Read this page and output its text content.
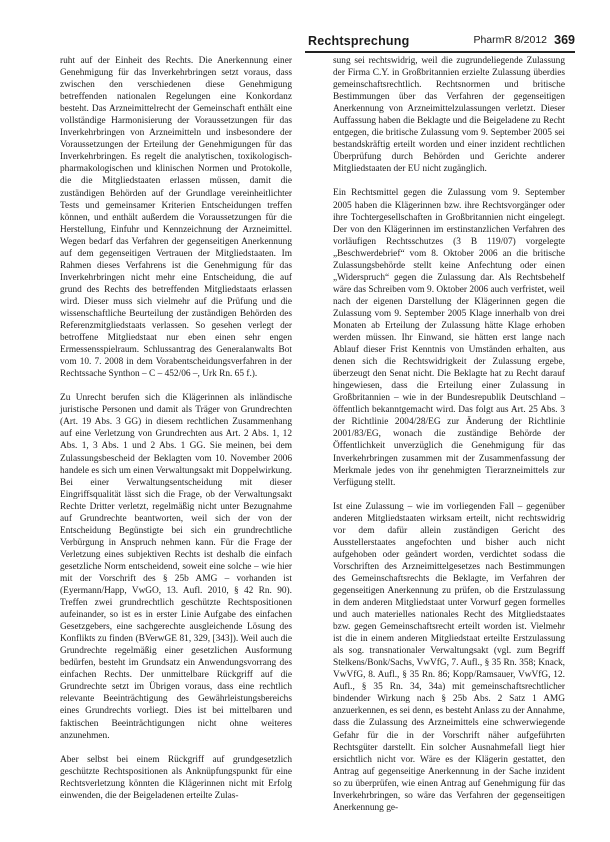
Rechtsprechung	PharmR 8/2012 369

ruht auf der Einheit des Rechts. Die Anerkennung einer Genehmigung für das Inverkehrbringen setzt voraus, dass zwischen den verschiedenen diese Genehmigung betreffenden nationalen Regelungen eine Konkordanz besteht. Das Arzneimittelrecht der Gemeinschaft enthält eine vollständige Harmonisierung der Voraussetzungen für das Inverkehrbringen von Arzneimitteln und insbesondere der Voraussetzungen der Erteilung der Genehmigungen für das Inverkehrbringen. Es regelt die analytischen, toxikologisch-pharmakologischen und klinischen Normen und Protokolle, die die Mitgliedstaaten erlassen müssen, damit die zuständigen Behörden auf der Grundlage vereinheitlichter Tests und gemeinsamer Kriterien Entscheidungen treffen können, und enthält außerdem die Voraussetzungen für die Herstellung, Einfuhr und Kennzeichnung der Arzneimittel. Wegen bedarf das Verfahren der gegenseitigen Anerkennung auf dem gegenseitigen Vertrauen der Mitgliedstaaten. Im Rahmen dieses Verfahrens ist die Genehmigung für das Inverkehrbringen nicht mehr eine Entscheidung, die auf grund des Rechts des betreffenden Mitgliedstaats erlassen wird. Dieser muss sich vielmehr auf die Prüfung und die wissenschaftliche Beurteilung der zuständigen Behörden des Referenzmitgliedstaats verlassen. So gesehen verlegt der betroffene Mitgliedstaat nur eben einen sehr engen Ermessensspielraum. Schlussantrag des Generalanwalts Bot vom 10. 7. 2008 in dem Vorabentscheidungsverfahren in der Rechtssache Synthon – C – 452/06 –, Urk Rn. 65 f.).

Zu Unrecht berufen sich die Klägerinnen als inländische juristische Personen und damit als Träger von Grundrechten (Art. 19 Abs. 3 GG) in diesem rechtlichen Zusammenhang auf eine Verletzung von Grundrechten aus Art. 2 Abs. 1, 12 Abs. 1, 3 Abs. 1 und 2 Abs. 1 GG. Sie meinen, bei dem Zulassungsbescheid der Beklagten vom 10. November 2006 handele es sich um einen Verwaltungsakt mit Doppelwirkung. Bei einer Verwaltungsentscheidung mit dieser Eingriffsqualität lässt sich die Frage, ob der Verwaltungsakt Rechte Dritter verletzt, regelmäßig nicht unter Bezugnahme auf Grundrechte beantworten, weil sich der von der Entscheidung Begünstigte bei sich ein grundrechtliche Verbürgung in Anspruch nehmen kann. Für die Frage der Verletzung eines subjektiven Rechts ist deshalb die einfach gesetzliche Norm entscheidend, soweit eine solche – wie hier mit der Vorschrift des § 25b AMG – vorhanden ist (Eyermann/Happ, VwGO, 13. Aufl. 2010, § 42 Rn. 90). Treffen zwei grundrechtlich geschützte Rechtspositionen aufeinander, so ist es in erster Linie Aufgabe des einfachen Gesetzgebers, eine sachgerechte ausgleichende Lösung des Konflikts zu finden (BVerwGE 81, 329, [343]). Weil auch die Grundrechte regelmäßig einer gesetzlichen Ausformung bedürfen, besteht im Grundsatz ein Anwendungsvorrang des einfachen Rechts. Der unmittelbare Rückgriff auf die Grundrechte setzt im Übrigen voraus, dass eine rechtlich relevante Beeinträchtigung des Gewährleistungsbereichs eines Grundrechts vorliegt. Dies ist bei mittelbaren und faktischen Beeinträchtigungen nicht ohne weiteres anzunehmen.

Aber selbst bei einem Rückgriff auf grundgesetzlich geschützte Rechtspositionen als Anknüpfungspunkt für eine Rechtsverletzung könnten die Klägerinnen nicht mit Erfolg einwenden, die der Beigeladenen erteilte Zulas-

sung sei rechtswidrig, weil die zugrundeliegende Zulassung der Firma C.Y. in Großbritannien erzielte Zulassung überdies gemeinschaftsrechtlich. Rechtsnormen und britische Bestimmungen über das Verfahren der gegenseitigen Anerkennung von Arzneimittelzulassungen verletzt. Dieser Auffassung haben die Beklagte und die Beigeladene zu Recht entgegen, die britische Zulassung vom 9. September 2005 sei bestandskräftig erteilt worden und einer inzident rechtlichen Überprüfung durch Behörden und Gerichte anderer Mitgliedstaaten der EU nicht zugänglich.

Ein Rechtsmittel gegen die Zulassung vom 9. September 2005 haben die Klägerinnen bzw. ihre Rechtsvorgänger oder ihre Tochtergesellschaften in Großbritannien nicht eingelegt. Der von den Klägerinnen im erstinstanzlichen Verfahren des vorläufigen Rechtsschutzes (3 B 119/07) vorgelegte „Beschwerdebrief“ vom 8. Oktober 2006 an die britische Zulassungsbehörde stellt keine Anfechtung oder einen „Widerspruch“ gegen die Zulassung dar. Als Rechtsbehelf wäre das Schreiben vom 9. Oktober 2006 auch verfristet, weil nach der eigenen Darstellung der Klägerinnen gegen die Zulassung vom 9. September 2005 Klage innerhalb von drei Monaten ab Erteilung der Zulassung hätte Klage erhoben werden müssen. Ihr Einwand, sie hätten erst lange nach Ablauf dieser Frist Kenntnis von Umständen erhalten, aus denen sich die Rechtswidrigkeit der Zulassung ergebe, überzeugt den Senat nicht. Die Beklagte hat zu Recht darauf hingewiesen, dass die Erteilung einer Zulassung in Großbritannien – wie in der Bundesrepublik Deutschland – öffentlich bekanntgemacht wird. Das folgt aus Art. 25 Abs. 3 der Richtlinie 2004/28/EG zur Änderung der Richtlinie 2001/83/EG, wonach die zuständige Behörde der Öffentlichkeit unverzüglich die Genehmigung für das Inverkehrbringen zusammen mit der Zusammenfassung der Merkmale jedes von ihr genehmigten Tierarzneimittels zur Verfügung stellt.

Ist eine Zulassung – wie im vorliegenden Fall – gegenüber anderen Mitgliedstaaten wirksam erteilt, nicht rechtswidrig vor dem dafür allein zuständigen Gericht des Ausstellerstaates angefochten und bisher auch nicht aufgehoben oder geändert worden, verdichtet sodass die Vorschriften des Arzneimittelgesetzes nach Bestimmungen des Gemeinschaftsrechts die Beklagte, im Verfahren der gegenseitigen Anerkennung zu prüfen, ob die Erstzulassung in dem anderen Mitgliedstaat unter Vorwurf gegen formelles und auch materielles nationales Recht des Mitgliedstaates bzw. gegen Gemeinschaftsrecht erteilt worden ist. Vielmehr ist die in einem anderen Mitgliedstaat erteilte Erstzulassung als sog. transnationaler Verwaltungsakt (vgl. zum Begriff Stelkens/Bonk/Sachs, VwVfG, 7. Aufl., § 35 Rn. 358; Knack, VwVfG, 8. Aufl., § 35 Rn. 86; Kopp/Ramsauer, VwVfG, 12. Aufl., § 35 Rn. 34, 34a) mit gemeinschaftsrechtlicher bindender Wirkung nach § 25b Abs. 2 Satz 1 AMG anzuerkennen, es sei denn, es besteht Anlass zu der Annahme, dass die Zulassung des Arzneimittels eine schwerwiegende Gefahr für die in der Vorschrift näher aufgeführten Rechtsgüter darstellt. Ein solcher Ausnahmefall liegt hier ersichtlich nicht vor. Wäre es der Klägerin gestattet, den Antrag auf gegenseitige Anerkennung in der Sache inzident so zu überprüfen, wie einen Antrag auf Genehmigung für das Inverkehrbringen, so wäre das Verfahren der gegenseitigen Anerkennung ge-
